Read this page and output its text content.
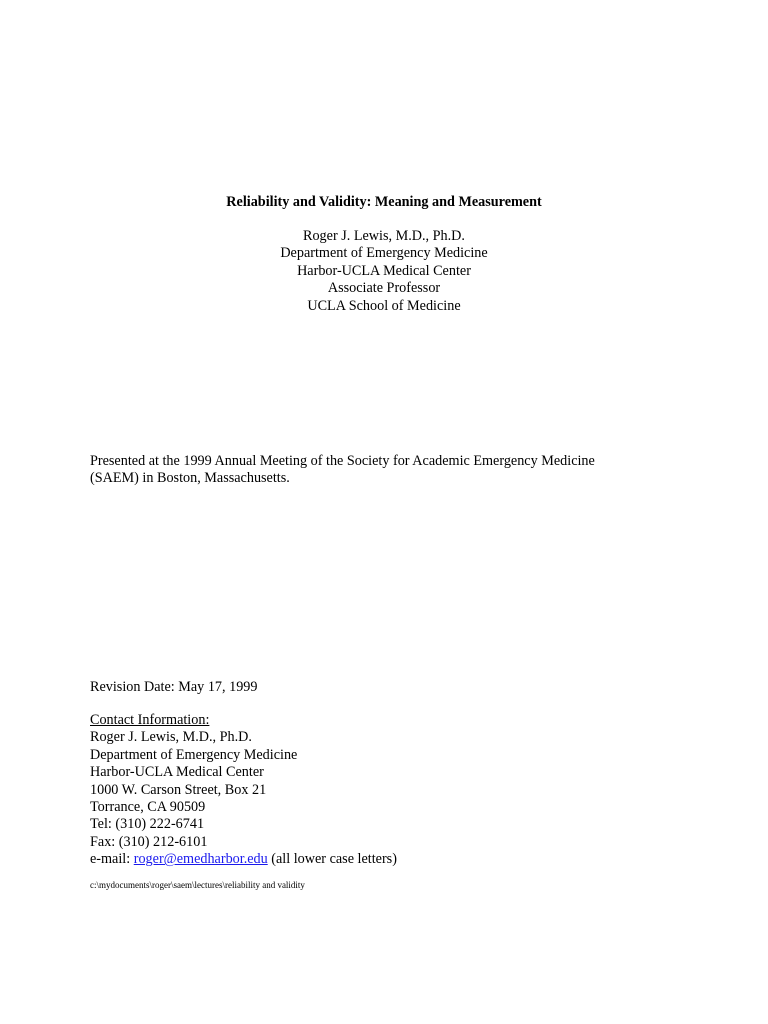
Reliability and Validity: Meaning and Measurement
Roger J. Lewis, M.D., Ph.D.
Department of Emergency Medicine
Harbor-UCLA Medical Center
Associate Professor
UCLA School of Medicine
Presented at the 1999 Annual Meeting of the Society for Academic Emergency Medicine
(SAEM) in Boston, Massachusetts.
Revision Date: May 17, 1999
Contact Information:
Roger J. Lewis, M.D., Ph.D.
Department of Emergency Medicine
Harbor-UCLA Medical Center
1000 W. Carson Street, Box 21
Torrance, CA 90509
Tel: (310) 222-6741
Fax: (310) 212-6101
e-mail: roger@emedharbor.edu (all lower case letters)
c:\mydocuments\roger\saem\lectures\reliability and validity
